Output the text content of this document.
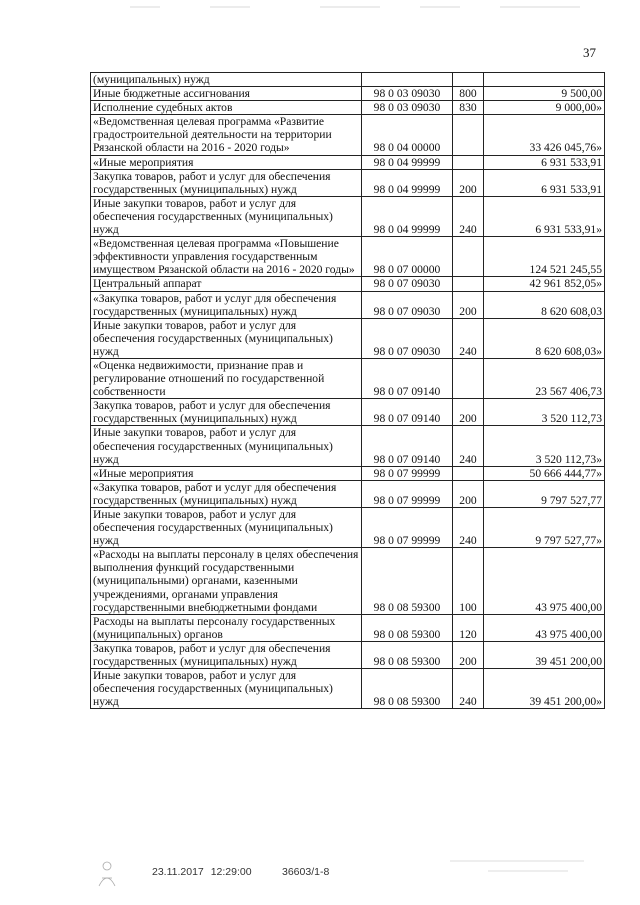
37
(муниципальных) нужд			
Иные бюджетные ассигнования	98 0 03 09030	800	9 500,00
Исполнение судебных актов	98 0 03 09030	830	9 000,00»
«Ведомственная целевая программа «Развитие градостроительной деятельности на территории Рязанской области на 2016 - 2020 годы»	98 0 04 00000		33 426 045,76»
«Иные мероприятия	98 0 04 99999		6 931 533,91
Закупка товаров, работ и услуг для обеспечения государственных (муниципальных) нужд	98 0 04 99999	200	6 931 533,91
Иные закупки товаров, работ и услуг для обеспечения государственных (муниципальных) нужд	98 0 04 99999	240	6 931 533,91»
«Ведомственная целевая программа «Повышение эффективности управления государственным имуществом Рязанской области на 2016 - 2020 годы»	98 0 07 00000		124 521 245,55
Центральный аппарат	98 0 07 09030		42 961 852,05»
«Закупка товаров, работ и услуг для обеспечения государственных (муниципальных) нужд	98 0 07 09030	200	8 620 608,03
Иные закупки товаров, работ и услуг для обеспечения государственных (муниципальных) нужд	98 0 07 09030	240	8 620 608,03»
«Оценка недвижимости, признание прав и регулирование отношений по государственной собственности	98 0 07 09140		23 567 406,73
Закупка товаров, работ и услуг для обеспечения государственных (муниципальных) нужд	98 0 07 09140	200	3 520 112,73
Иные закупки товаров, работ и услуг для обеспечения государственных (муниципальных) нужд	98 0 07 09140	240	3 520 112,73»
«Иные мероприятия	98 0 07 99999		50 666 444,77»
«Закупка товаров, работ и услуг для обеспечения государственных (муниципальных) нужд	98 0 07 99999	200	9 797 527,77
Иные закупки товаров, работ и услуг для обеспечения государственных (муниципальных) нужд	98 0 07 99999	240	9 797 527,77»
«Расходы на выплаты персоналу в целях обеспечения выполнения функций государственными (муниципальными) органами, казенными учреждениями, органами управления государственными внебюджетными фондами	98 0 08 59300	100	43 975 400,00
Расходы на выплаты персоналу государственных (муниципальных) органов	98 0 08 59300	120	43 975 400,00
Закупка товаров, работ и услуг для обеспечения государственных (муниципальных) нужд	98 0 08 59300	200	39 451 200,00
Иные закупки товаров, работ и услуг для обеспечения государственных (муниципальных) нужд	98 0 08 59300	240	39 451 200,00»
23.11.2017 12:29:00	36603/1-8
